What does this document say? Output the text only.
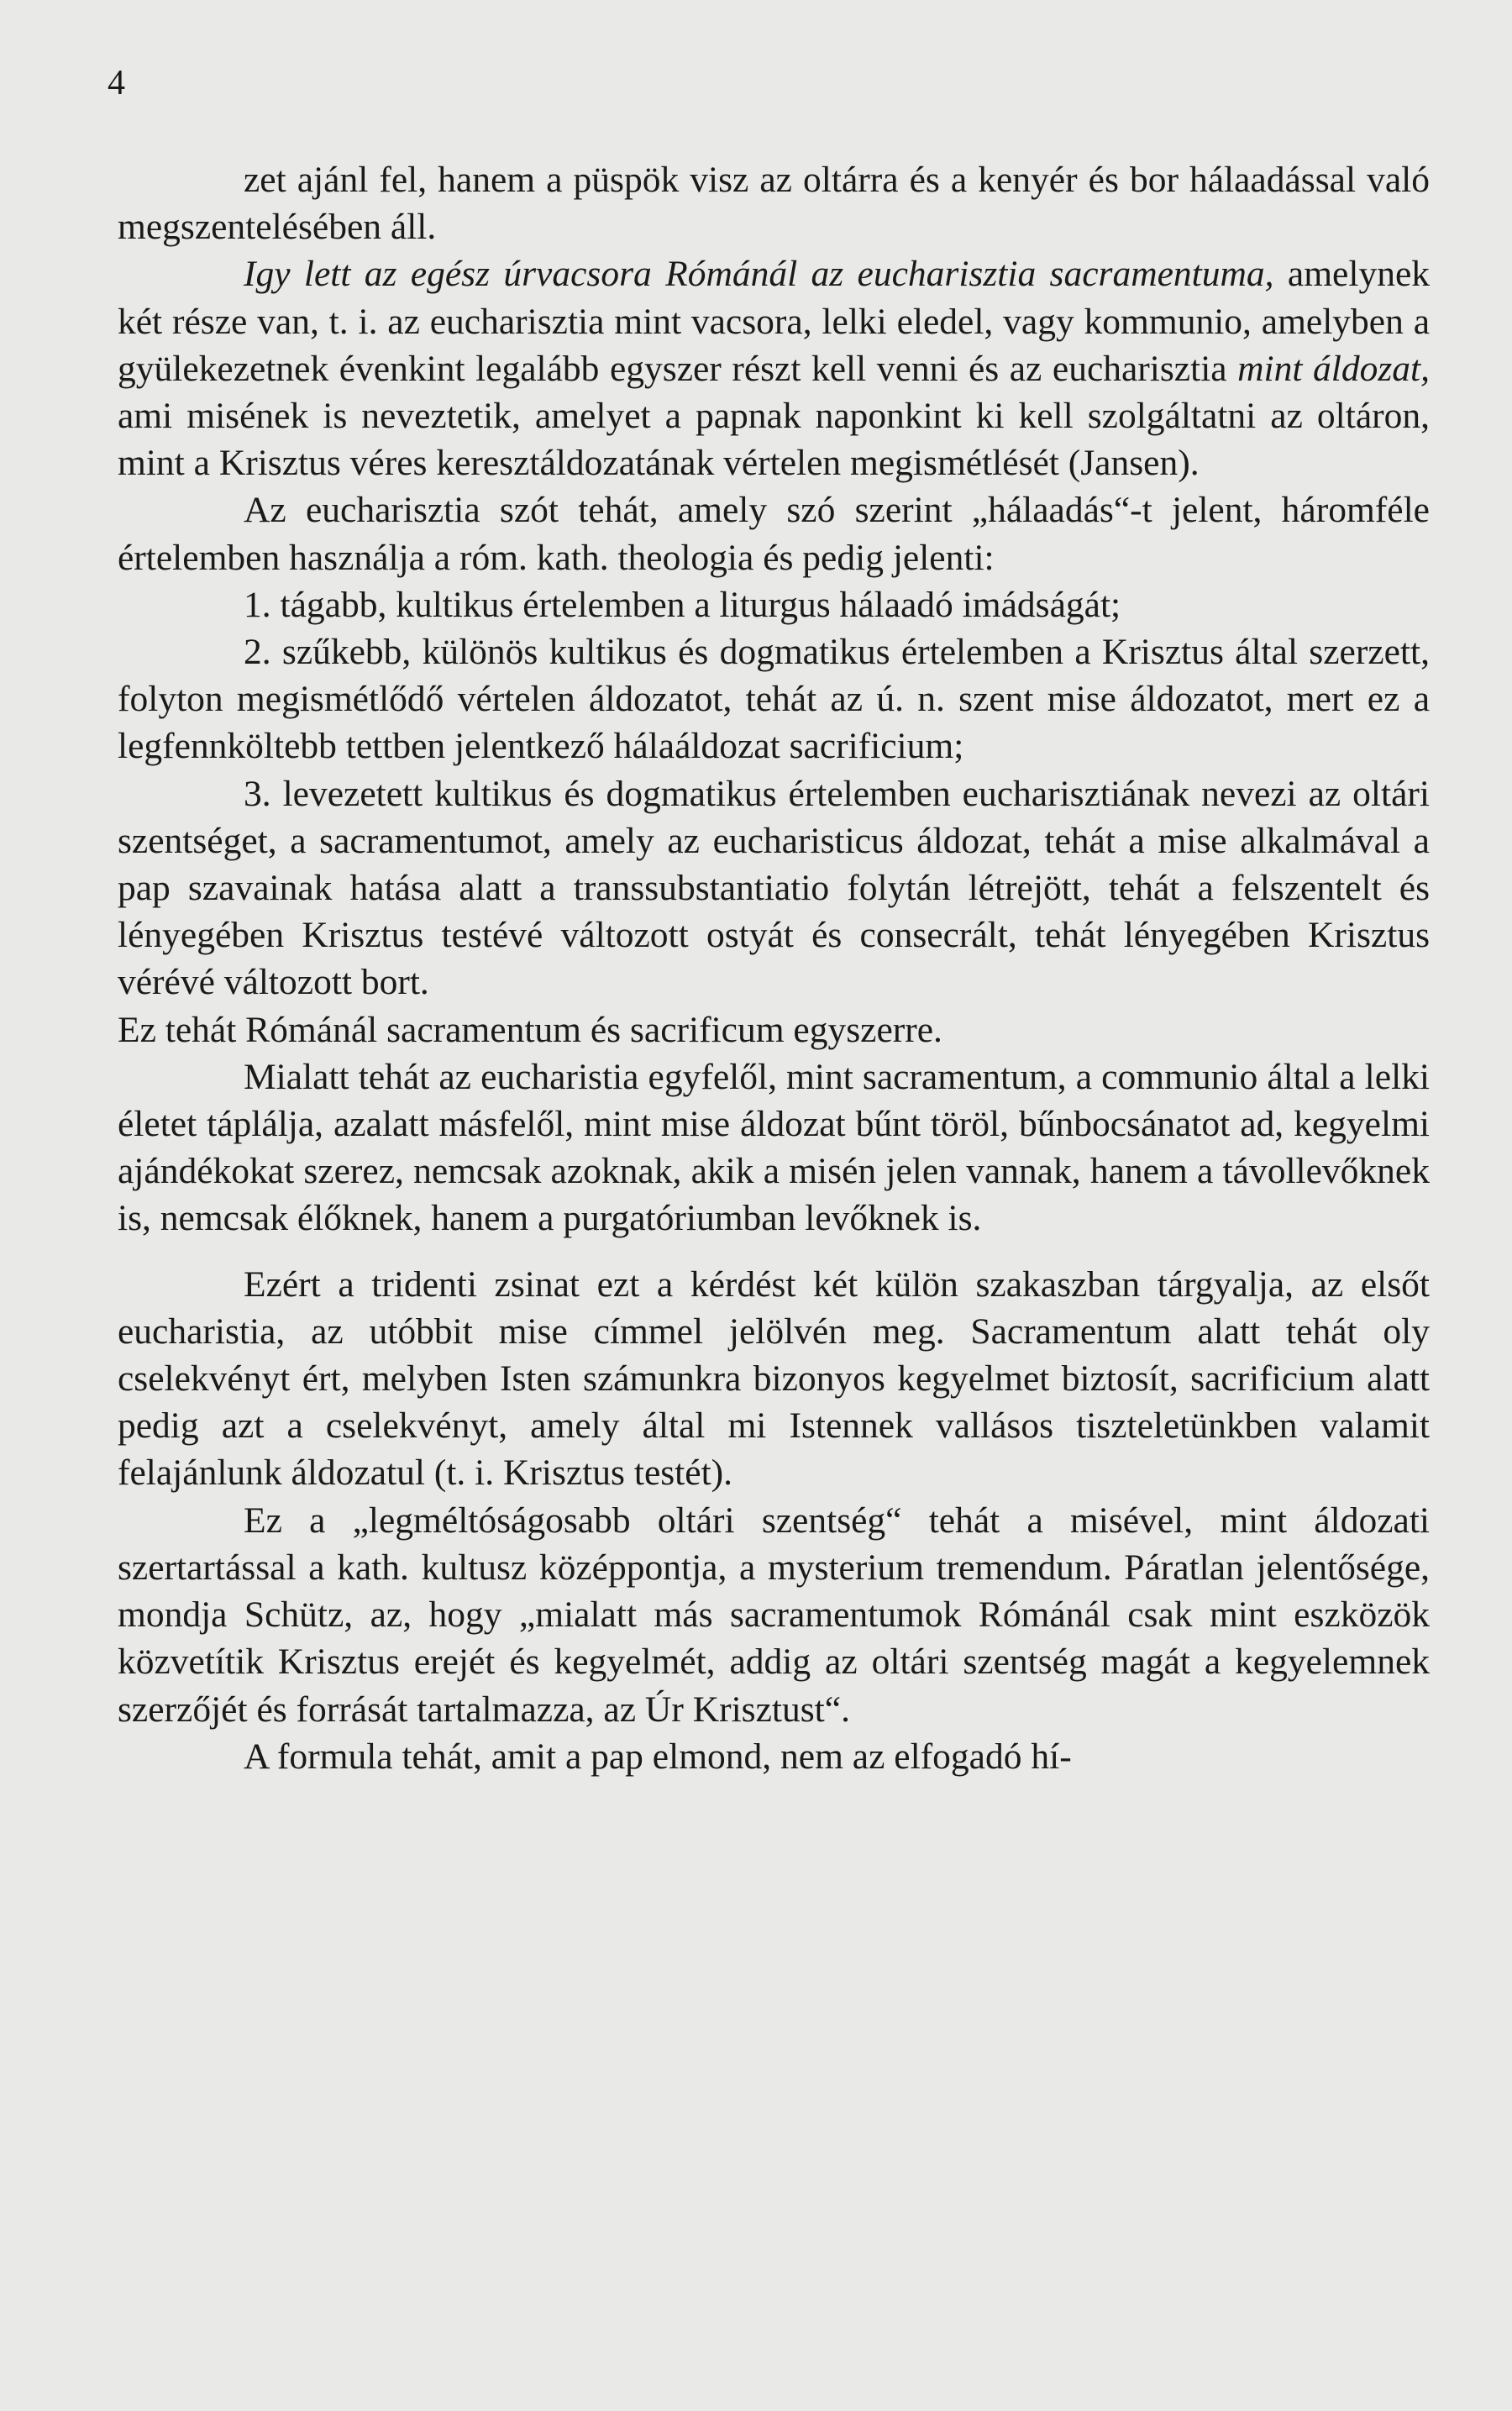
4

zet ajánl fel, hanem a püspök visz az oltárra és a kenyér és bor hálaadással való megszentelésében áll.

Igy lett az egész úrvacsora Rómánál az eucharisztia sacramentuma, amelynek két része van, t. i. az eucharisztia mint vacsora, lelki eledel, vagy kommunio, amelyben a gyülekezetnek évenkint legalább egyszer részt kell venni és az eucharisztia mint áldozat, ami misének is neveztetik, amelyet a papnak naponkint ki kell szolgáltatni az oltáron, mint a Krisztus véres keresztáldozatának vértelen megismétlését (Jansen).

Az eucharisztia szót tehát, amely szó szerint „hálaadás“-t jelent, háromféle értelemben használja a róm. kath. theologia és pedig jelenti:

1. tágabb, kultikus értelemben a liturgus hálaadó imádságát;

2. szűkebb, különös kultikus és dogmatikus értelemben a Krisztus által szerzett, folyton megismétlődő vértelen áldozatot, tehát az ú. n. szent mise áldozatot, mert ez a legfennköltebb tettben jelentkező hálaáldozat sacrificium;

3. levezetett kultikus és dogmatikus értelemben eucharisztiának nevezi az oltári szentséget, a sacramentumot, amely az eucharisticus áldozat, tehát a mise alkalmával a pap szavainak hatása alatt a transsubstantiatio folytán létrejött, tehát a felszentelt és lényegében Krisztus testévé változott ostyát és consecrált, tehát lényegében Krisztus vérévé változott bort.

Ez tehát Rómánál sacramentum és sacrificum egyszerre.

Mialatt tehát az eucharistia egyfelől, mint sacramentum, a communio által a lelki életet táplálja, azalatt másfelől, mint mise áldozat bűnt töröl, bűnbocsánatot ad, kegyelmi ajándékokat szerez, nemcsak azoknak, akik a misén jelen vannak, hanem a távollevőknek is, nemcsak élőknek, hanem a purgatóriumban levőknek is.

Ezért a tridenti zsinat ezt a kérdést két külön szakaszban tárgyalja, az elsőt eucharistia, az utóbbit mise címmel jelölvén meg. Sacramentum alatt tehát oly cselekvényt ért, melyben Isten számunkra bizonyos kegyelmet biztosít, sacrificium alatt pedig azt a cselekvényt, amely által mi Istennek vallásos tiszteletünkben valamit felajánlunk áldozatul (t. i. Krisztus testét).

Ez a „legméltóságosabb oltári szentség“ tehát a misével, mint áldozati szertartással a kath. kultusz középpontja, a mysterium tremendum. Páratlan jelentősége, mondja Schütz, az, hogy „mialatt más sacramentumok Rómánál csak mint eszközök közvetítik Krisztus erejét és kegyelmét, addig az oltári szentség magát a kegyelemnek szerzőjét és forrását tartalmazza, az Úr Krisztust“.

A formula tehát, amit a pap elmond, nem az elfogadó hí-
